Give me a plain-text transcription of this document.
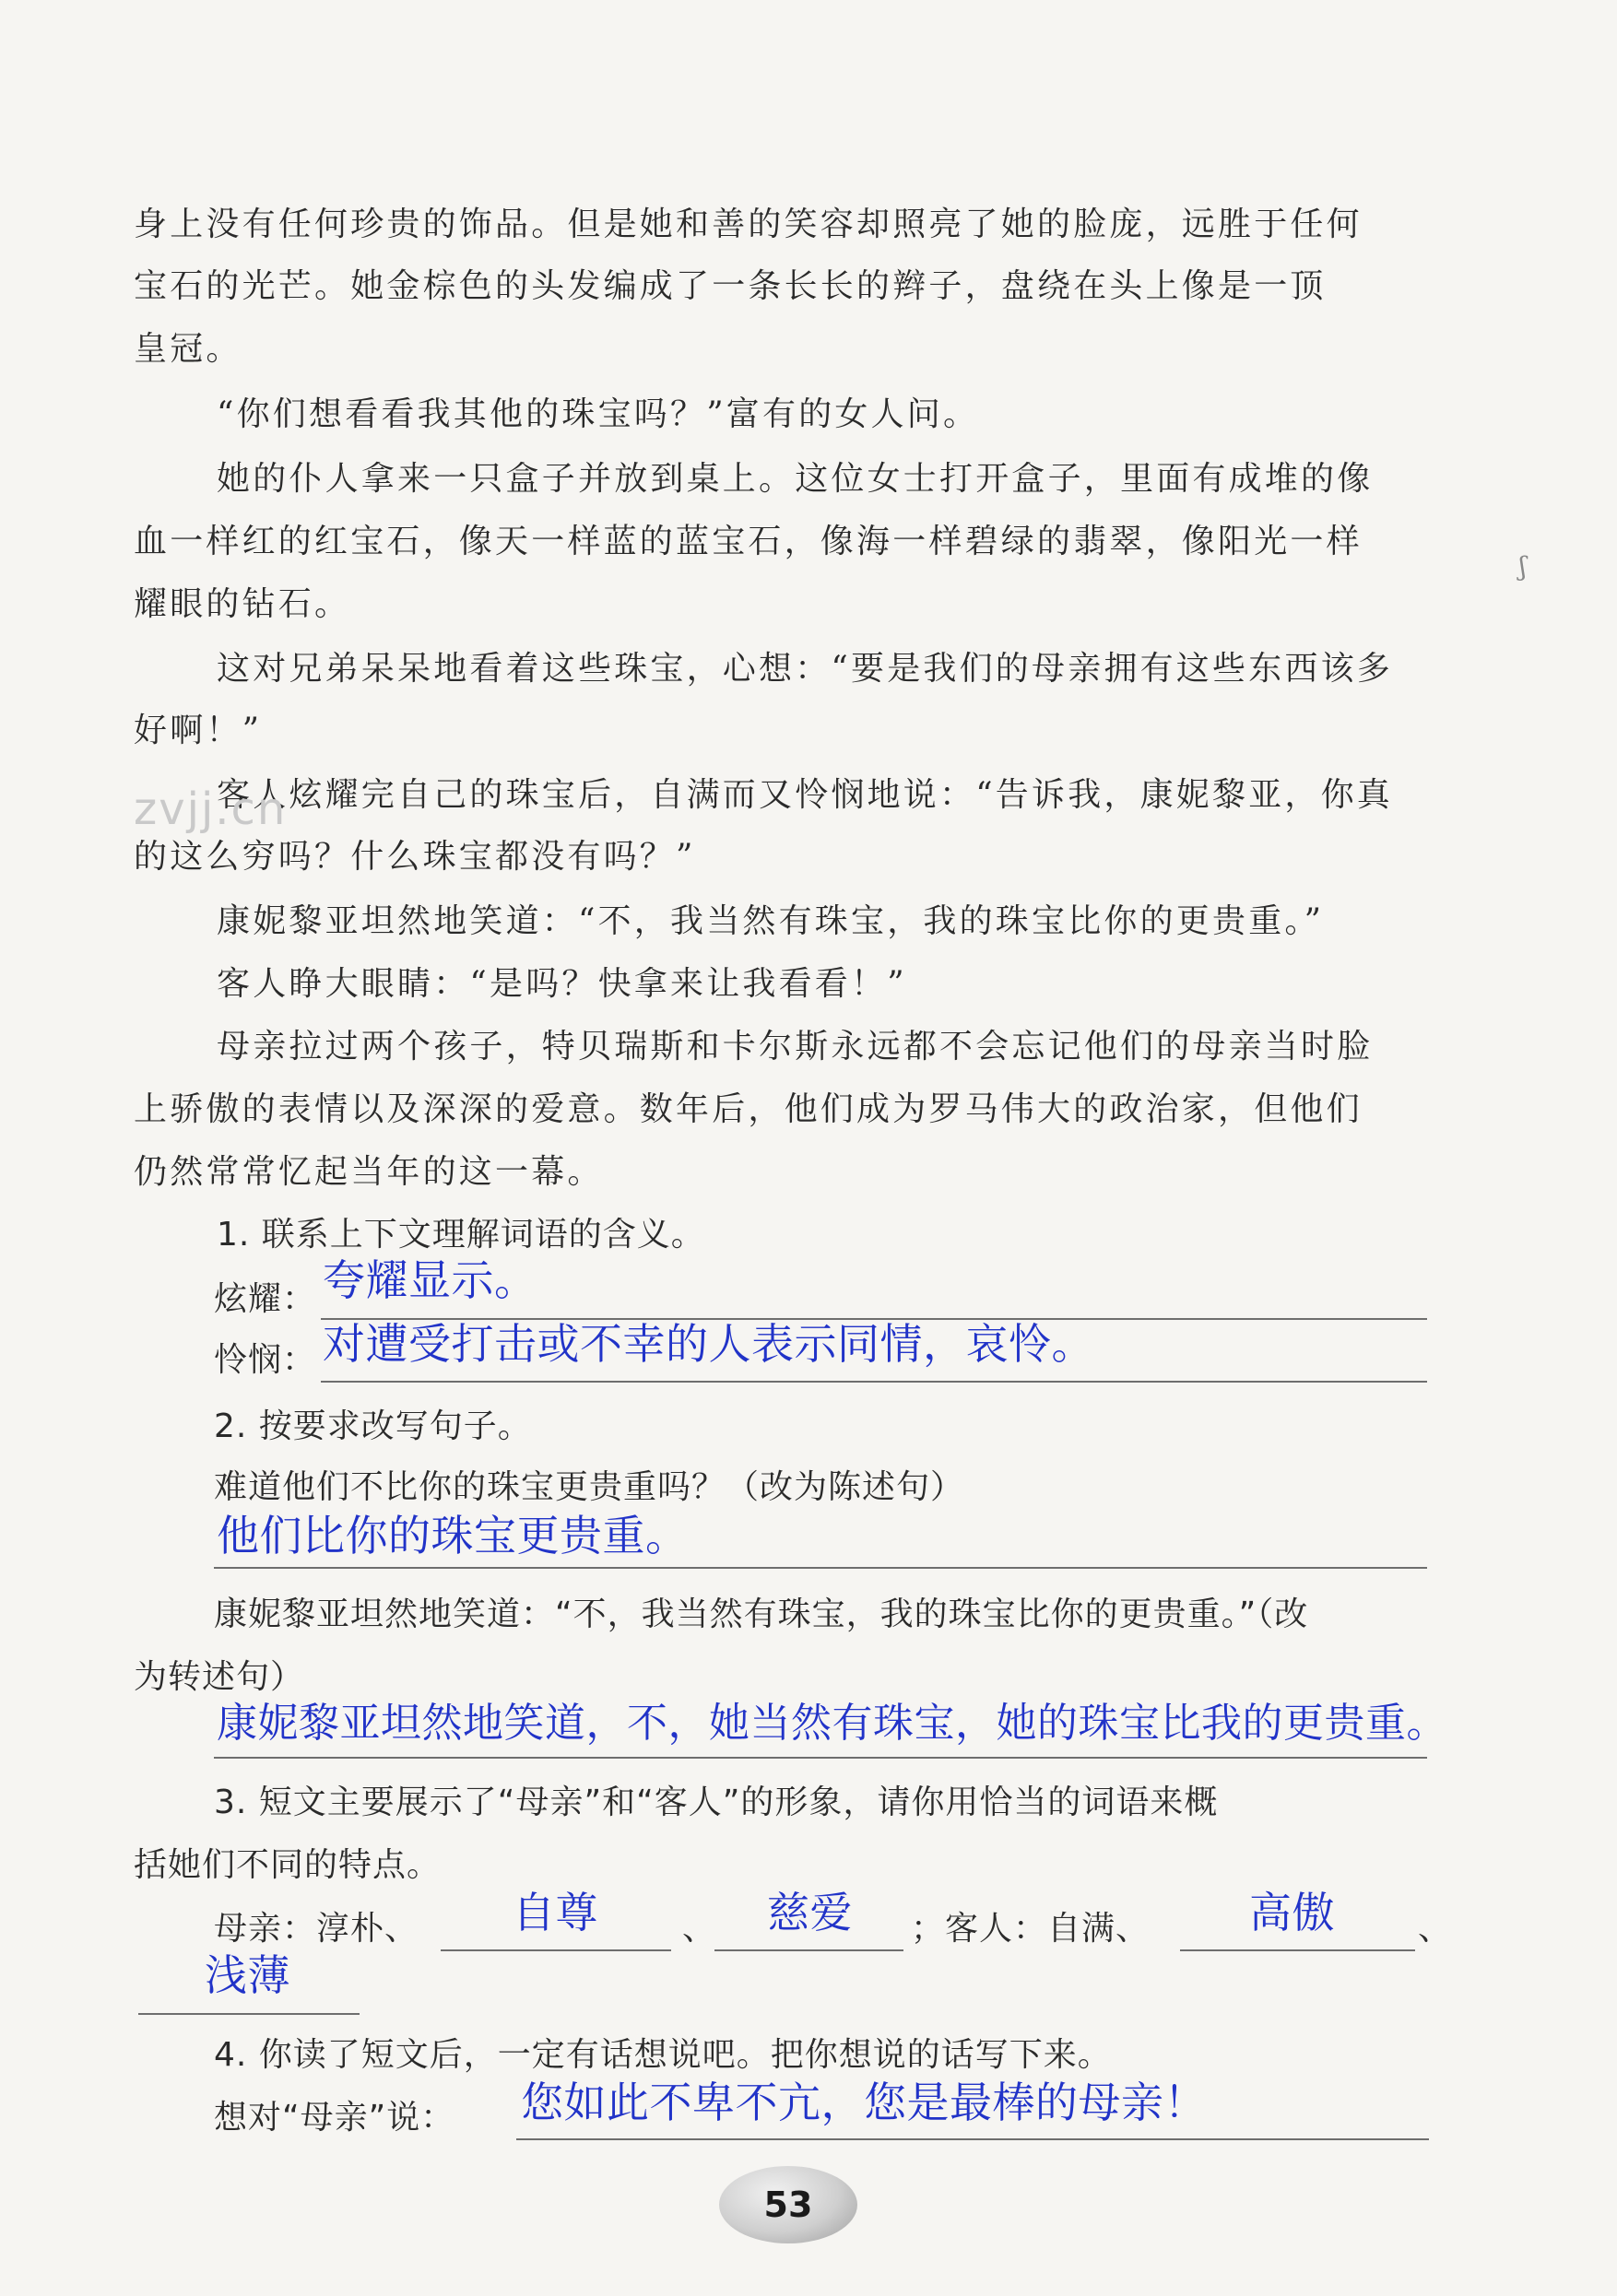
身上没有任何珍贵的饰品。但是她和善的笑容却照亮了她的脸庞，远胜于任何
宝石的光芒。她金棕色的头发编成了一条长长的辫子，盘绕在头上像是一顶
皇冠。
“你们想看看我其他的珠宝吗？”富有的女人问。
她的仆人拿来一只盒子并放到桌上。这位女士打开盒子，里面有成堆的像
血一样红的红宝石，像天一样蓝的蓝宝石，像海一样碧绿的翡翠，像阳光一样
耀眼的钻石。
这对兄弟呆呆地看着这些珠宝，心想：“要是我们的母亲拥有这些东西该多
好啊！”
客人炫耀完自己的珠宝后，自满而又怜悯地说：“告诉我，康妮黎亚，你真
的这么穷吗？什么珠宝都没有吗？”
康妮黎亚坦然地笑道：“不，我当然有珠宝，我的珠宝比你的更贵重。”
客人睁大眼睛：“是吗？快拿来让我看看！”
母亲拉过两个孩子，特贝瑞斯和卡尔斯永远都不会忘记他们的母亲当时脸
上骄傲的表情以及深深的爱意。数年后，他们成为罗马伟大的政治家，但他们
仍然常常忆起当年的这一幕。
zvjj.cn
ʃ
1. 联系上下文理解词语的含义。
炫耀： 夸耀显示。
怜悯： 对遭受打击或不幸的人表示同情，哀怜。
2. 按要求改写句子。
难道他们不比你的珠宝更贵重吗？（改为陈述句）
他们比你的珠宝更贵重。
康妮黎亚坦然地笑道：“不，我当然有珠宝，我的珠宝比你的更贵重。”（改
为转述句）
康妮黎亚坦然地笑道，不，她当然有珠宝，她的珠宝比我的更贵重。
3. 短文主要展示了“母亲”和“客人”的形象，请你用恰当的词语来概
括她们不同的特点。
母亲：淳朴、 自尊	、 慈爱 ；客人：自满、 高傲	、
浅薄
4. 你读了短文后，一定有话想说吧。把你想说的话写下来。
想对“母亲”说： 您如此不卑不亢，您是最棒的母亲！
53
